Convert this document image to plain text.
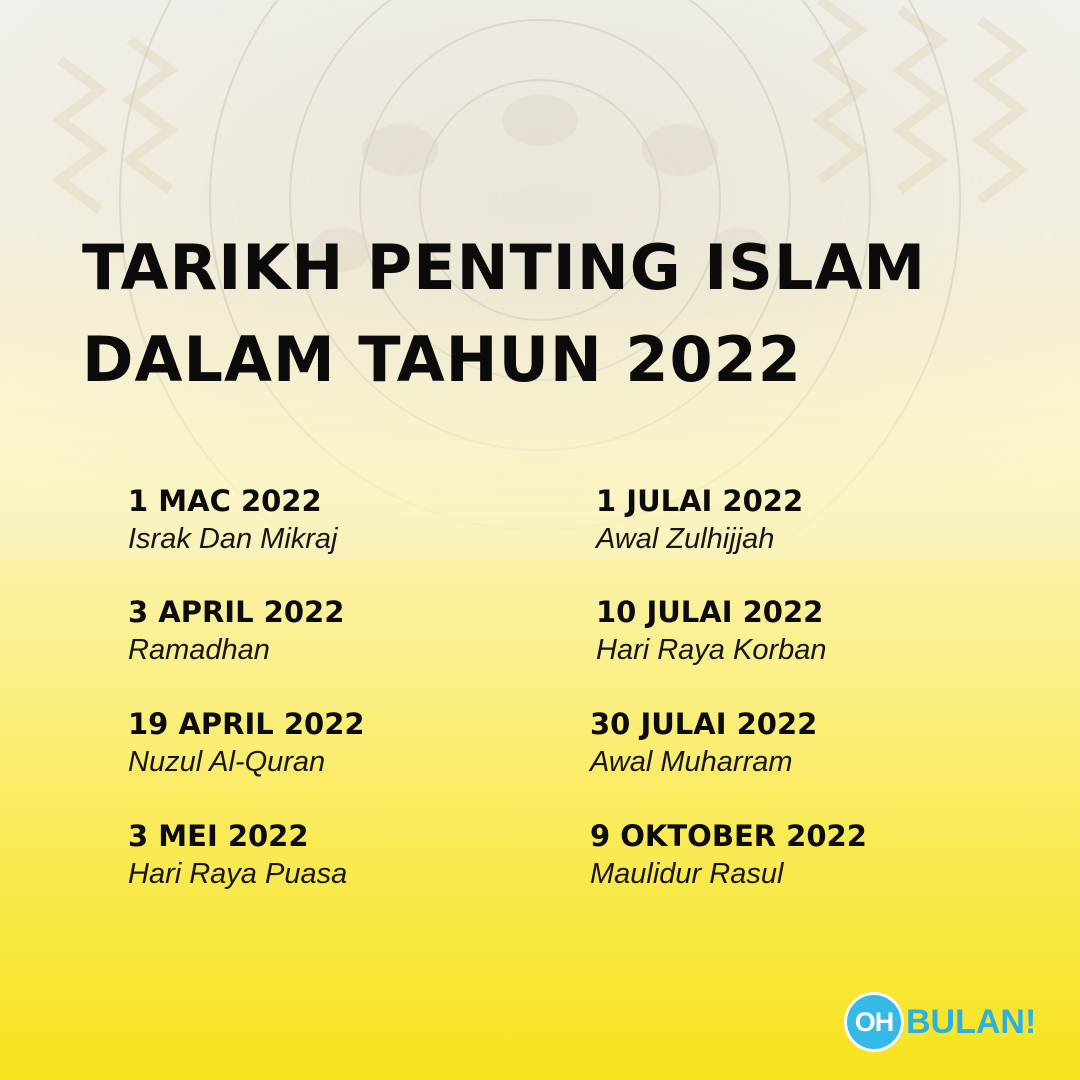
TARIKH PENTING ISLAM
DALAM TAHUN 2022
1 MAC 2022
Israk Dan Mikraj
3 APRIL 2022
Ramadhan
19 APRIL 2022
Nuzul Al-Quran
3 MEI 2022
Hari Raya Puasa
1 JULAI 2022
Awal Zulhijjah
10 JULAI 2022
Hari Raya Korban
30 JULAI 2022
Awal Muharram
9 OKTOBER 2022
Maulidur Rasul
OH BULAN!
